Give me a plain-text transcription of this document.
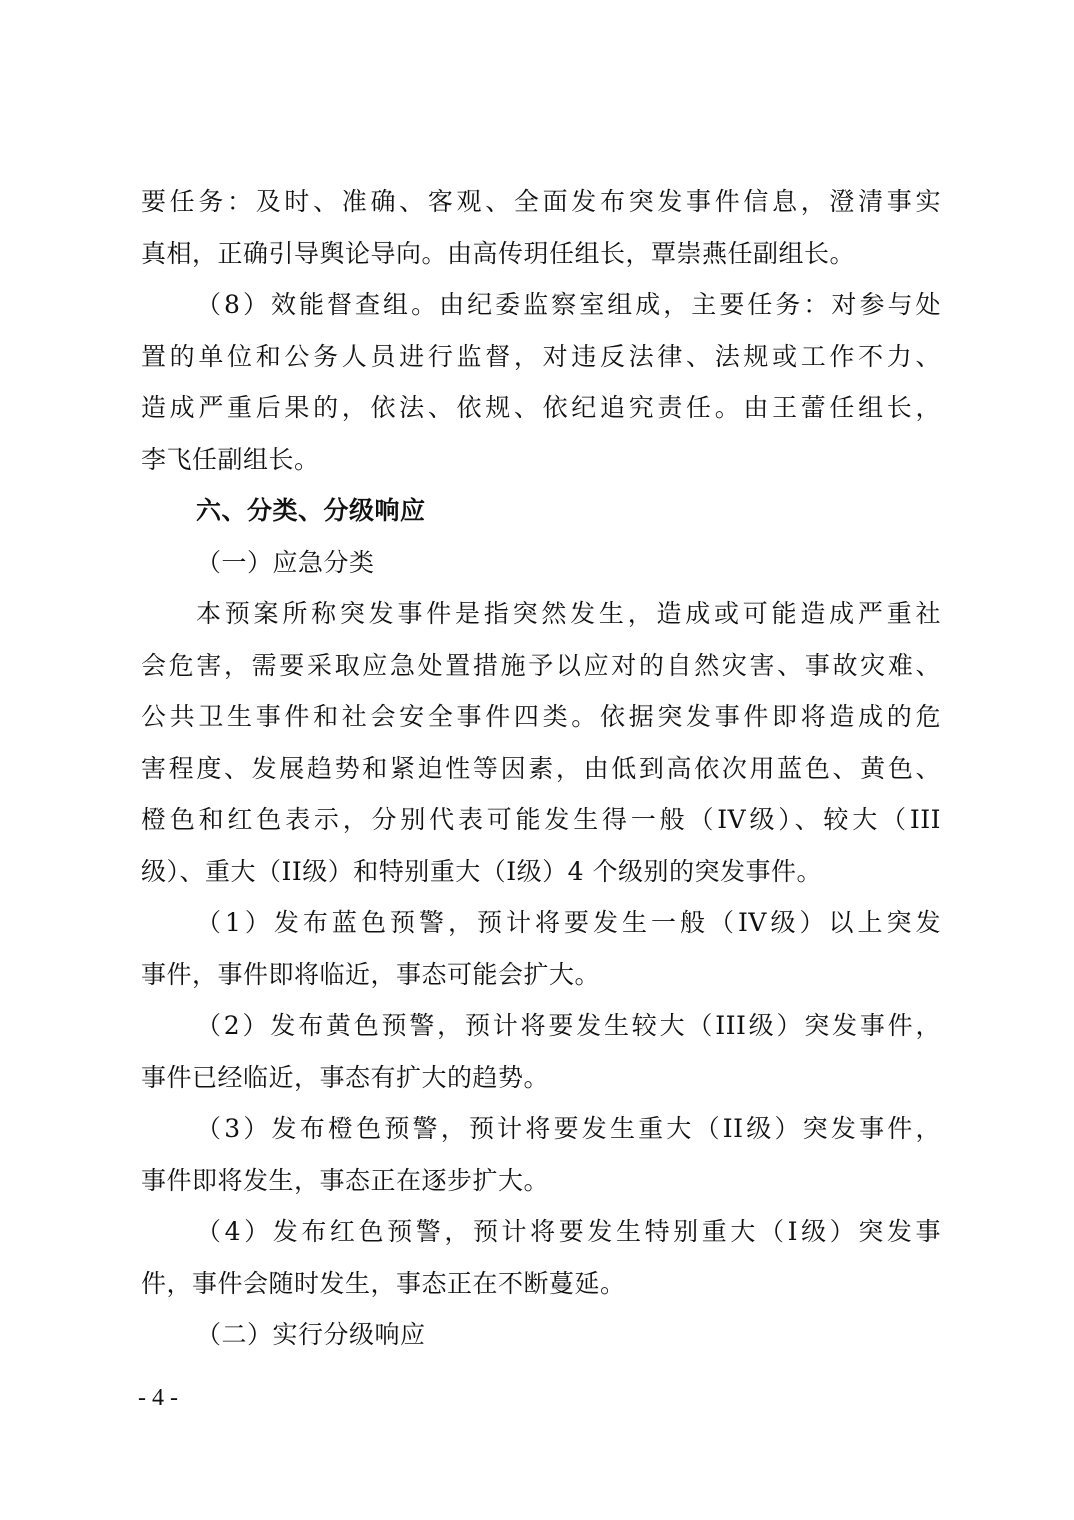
要任务：及时、准确、客观、全面发布突发事件信息，澄清事实
真相，正确引导舆论导向。由高传玥任组长，覃崇燕任副组长。
（8）效能督查组。由纪委监察室组成，主要任务：对参与处
置的单位和公务人员进行监督，对违反法律、法规或工作不力、
造成严重后果的，依法、依规、依纪追究责任。由王蕾任组长，
李飞任副组长。
六、分类、分级响应
（一）应急分类
本预案所称突发事件是指突然发生，造成或可能造成严重社
会危害，需要采取应急处置措施予以应对的自然灾害、事故灾难、
公共卫生事件和社会安全事件四类。依据突发事件即将造成的危
害程度、发展趋势和紧迫性等因素，由低到高依次用蓝色、黄色、
橙色和红色表示，分别代表可能发生得一般（IV级）、较大（III
级）、重大（II级）和特别重大（I级）4 个级别的突发事件。
（1）发布蓝色预警，预计将要发生一般（IV级）以上突发
事件，事件即将临近，事态可能会扩大。
（2）发布黄色预警，预计将要发生较大（III级）突发事件，
事件已经临近，事态有扩大的趋势。
（3）发布橙色预警，预计将要发生重大（II级）突发事件，
事件即将发生，事态正在逐步扩大。
（4）发布红色预警，预计将要发生特别重大（I级）突发事
件，事件会随时发生，事态正在不断蔓延。
（二）实行分级响应
- 4 -
